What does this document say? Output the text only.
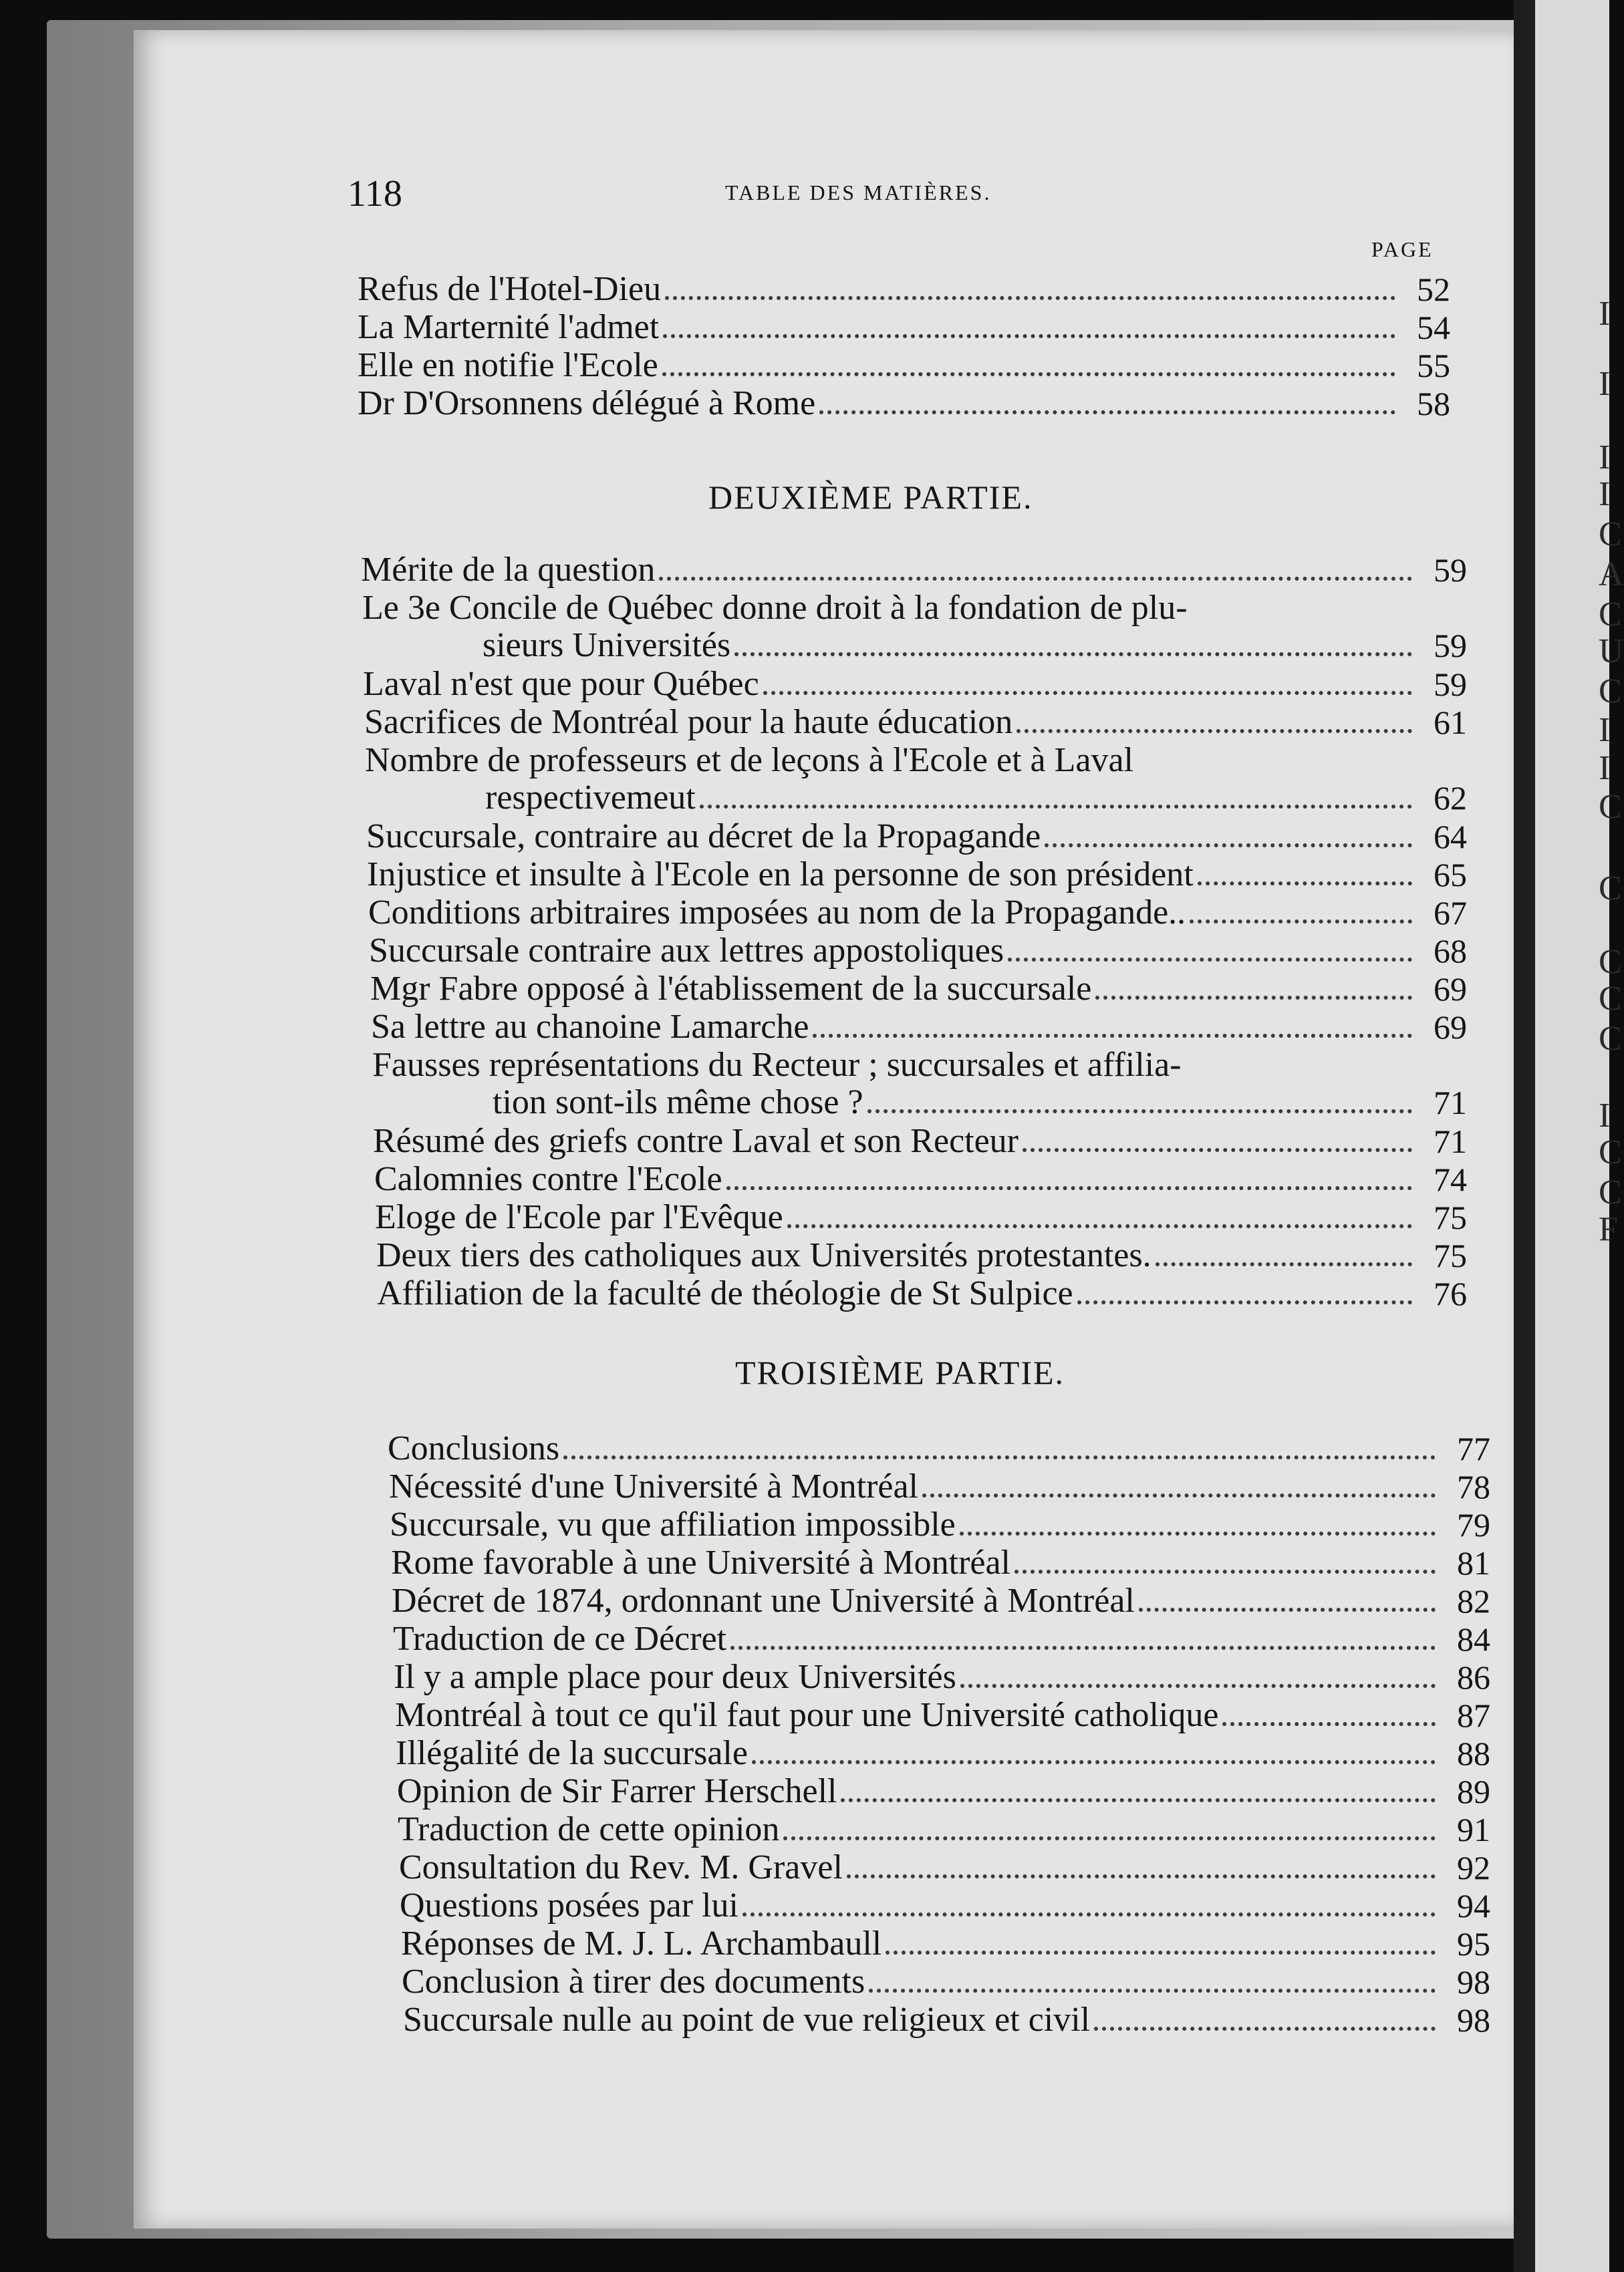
I
I
I
I
C
A
C
U
C
I
I
C
C
C
C
C
I
C
C
F
118	TABLE DES MATIÈRES.
PAGE
Refus de l'Hotel-Dieu	52
La Marternité l'admet	54
Elle en notifie l'Ecole	55
Dr D'Orsonnens délégué à Rome	58
DEUXIÈME PARTIE.
Mérite de la question	59
Le 3e Concile de Québec donne droit à la fondation de plu-
sieurs Universités	59
Laval n'est que pour Québec	59
Sacrifices de Montréal pour la haute éducation	61
Nombre de professeurs et de leçons à l'Ecole et à Laval
respectivemeut	62
Succursale, contraire au décret de la Propagande	64
Injustice et insulte à l'Ecole en la personne de son président	65
Conditions arbitraires imposées au nom de la Propagande..	67
Succursale contraire aux lettres appostoliques	68
Mgr Fabre opposé à l'établissement de la succursale	69
Sa lettre au chanoine Lamarche	69
Fausses représentations du Recteur ; succursales et affilia-
tion sont-ils même chose ?	71
Résumé des griefs contre Laval et son Recteur	71
Calomnies contre l'Ecole	74
Eloge de l'Ecole par l'Evêque	75
Deux tiers des catholiques aux Universités protestantes.	75
Affiliation de la faculté de théologie de St Sulpice	76
TROISIÈME PARTIE.
Conclusions	77
Nécessité d'une Université à Montréal	78
Succursale, vu que affiliation impossible	79
Rome favorable à une Université à Montréal	81
Décret de 1874, ordonnant une Université à Montréal	82
Traduction de ce Décret	84
Il y a ample place pour deux Universités	86
Montréal à tout ce qu'il faut pour une Université catholique	87
Illégalité de la succursale	88
Opinion de Sir Farrer Herschell	89
Traduction de cette opinion	91
Consultation du Rev. M. Gravel	92
Questions posées par lui	94
Réponses de M. J. L. Archambaull	95
Conclusion à tirer des documents	98
Succursale nulle au point de vue religieux et civil	98
